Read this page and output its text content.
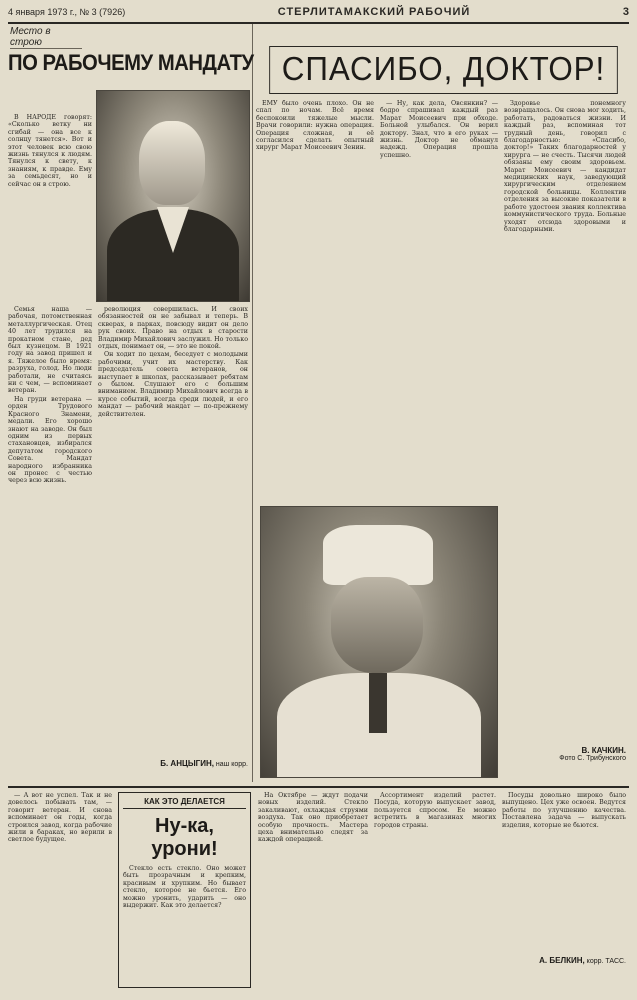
4 января 1973 г., № 3 (7926)	СТЕРЛИТАМАКСКИЙ РАБОЧИЙ	3
Место в строю
ПО РАБОЧЕМУ МАНДАТУ

В НАРОДЕ говорят: «Сколько ветку ни сгибай — она все к солнцу тянется». Вот и этот человек всю свою жизнь тянулся к людям. Тянулся к свету, к знаниям, к правде. Ему за семьдесят, но и сейчас он в строю.

Семья наша — рабочая, потомственная металлургическая. Отец 40 лет трудился на прокатном стане, дед был кузнецом. В 1921 году на завод пришел и я. Тяжелое было время: разруха, голод. Но люди работали, не считаясь ни с чем, — вспоминает ветеран.

На груди ветерана — орден Трудового Красного Знамени, медали. Его хорошо знают на заводе. Он был одним из первых стахановцев, избирался депутатом городского Совета. Мандат народного избранника он пронес с честью через всю жизнь.

революция совершилась. И своих обязанностей он не забывал и теперь. В скверах, в парках, повсюду видит он дело рук своих. Право на отдых в старости Владимир Михайлович заслужил. Но только отдых, понимает он, — это не покой.

Он ходит по цехам, беседует с молодыми рабочими, учит их мастерству. Как председатель совета ветеранов, он выступает в школах, рассказывает ребятам о былом. Слушают его с большим вниманием. Владимир Михайлович всегда в курсе событий, всегда среди людей, и его мандат — рабочий мандат — по-прежнему действителен.

Б. АНЦЫГИН, наш корр.
СПАСИБО, ДОКТОР!

ЕМУ было очень плохо. Он не спал по ночам. Всё время беспокоили тяжелые мысли. Врачи говорили: нужна операция. Операция сложная, и её согласился сделать опытный хирург Марат Моисеевич Зенин.

— Ну, как дела, Овсянкин? — бодро спрашивал каждый раз Марат Моисеевич при обходе. Больной улыбался. Он верил доктору. Знал, что в его руках — жизнь. Доктор не обманул надежд. Операция прошла успешно.

Здоровье понемногу возвращалось. Он снова мог ходить, работать, радоваться жизни. И каждый раз, вспоминая тот трудный день, говорил с благодарностью: «Спасибо, доктор!» Таких благодарностей у хирурга — не счесть. Тысячи людей обязаны ему своим здоровьем. Марат Моисеевич — кандидат медицинских наук, заведующий хирургическим отделением городской больницы. Коллектив отделения за высокие показатели в работе удостоен звания коллектива коммунистического труда. Больные уходят отсюда здоровыми и благодарными.

В. КАЧКИН.
Фото С. Трибунского

— А вот не успел. Так и не довелось побывать там, — говорит ветеран. И снова вспоминает он годы, когда строился завод, когда рабочие жили в бараках, но верили в светлое будущее.

КАК ЭТО ДЕЛАЕТСЯ
Ну-ка, урони!

Стекло есть стекло. Оно может быть прозрачным и крепким, красивым и хрупким. Но бывает стекло, которое не бьется. Его можно уронить, ударить — оно выдержит. Как это делается?

На Октябре — ждут подачи новых изделий. Стекло закаливают, охлаждая струями воздуха. Так оно приобретает особую прочность. Мастера цеха внимательно следят за каждой операцией.

Ассортимент изделий растет. Посуда, которую выпускает завод, пользуется спросом. Ее можно встретить в магазинах многих городов страны.

Посуды довольно широко было выпущено. Цех уже освоен. Ведутся работы по улучшению качества. Поставлена задача — выпускать изделия, которые не бьются.

А. БЕЛКИН, корр. ТАСС.
